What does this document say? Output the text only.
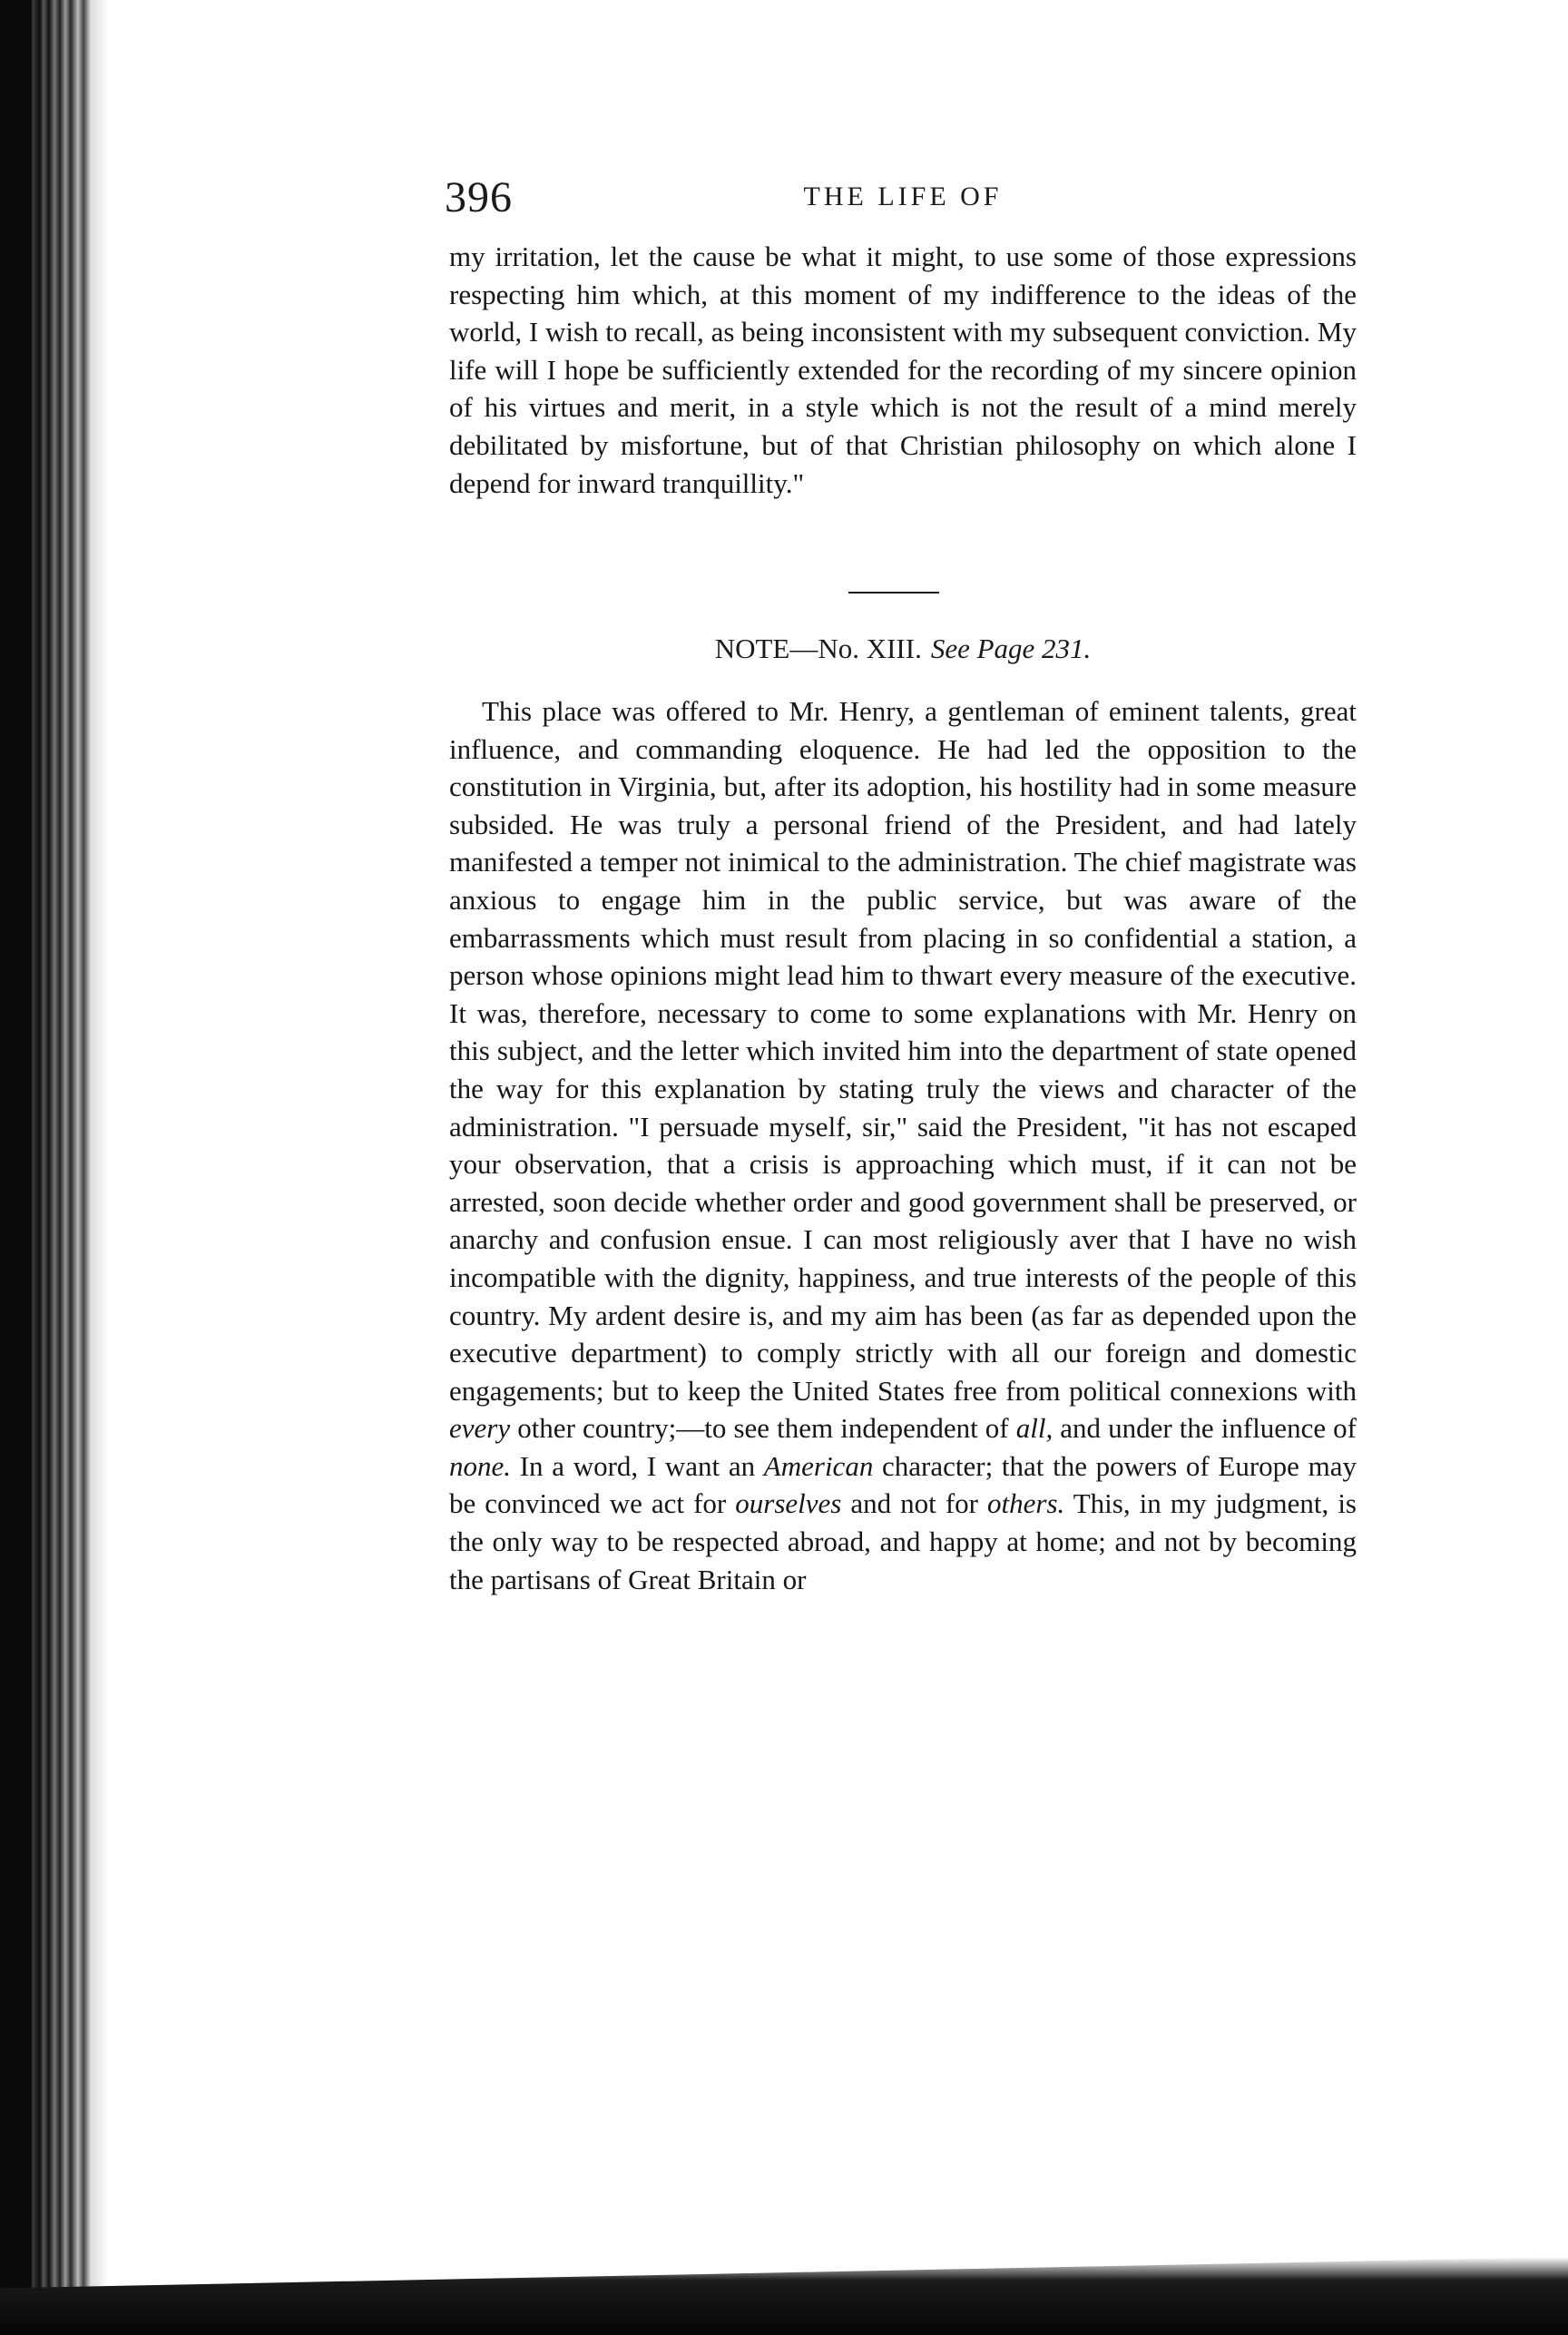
396	THE LIFE OF

my irritation, let the cause be what it might, to use some of those expressions respecting him which, at this moment of my indifference to the ideas of the world, I wish to recall, as being inconsistent with my subsequent conviction. My life will I hope be sufficiently extended for the recording of my sincere opinion of his virtues and merit, in a style which is not the result of a mind merely debilitated by misfortune, but of that Christian philosophy on which alone I depend for inward tranquillity."

NOTE—No. XIII. See Page 231.

This place was offered to Mr. Henry, a gentleman of eminent talents, great influence, and commanding eloquence. He had led the opposition to the constitution in Virginia, but, after its adoption, his hostility had in some measure subsided. He was truly a personal friend of the President, and had lately manifested a temper not inimical to the administration. The chief magistrate was anxious to engage him in the public service, but was aware of the embarrassments which must result from placing in so confidential a station, a person whose opinions might lead him to thwart every measure of the executive. It was, therefore, necessary to come to some explanations with Mr. Henry on this subject, and the letter which invited him into the department of state opened the way for this explanation by stating truly the views and character of the administration. "I persuade myself, sir," said the President, "it has not escaped your observation, that a crisis is approaching which must, if it can not be arrested, soon decide whether order and good government shall be preserved, or anarchy and confusion ensue. I can most religiously aver that I have no wish incompatible with the dignity, happiness, and true interests of the people of this country. My ardent desire is, and my aim has been (as far as depended upon the executive department) to comply strictly with all our foreign and domestic engagements; but to keep the United States free from political connexions with every other country;—to see them independent of all, and under the influence of none. In a word, I want an American character; that the powers of Europe may be convinced we act for ourselves and not for others. This, in my judgment, is the only way to be respected abroad, and happy at home; and not by becoming the partisans of Great Britain or
